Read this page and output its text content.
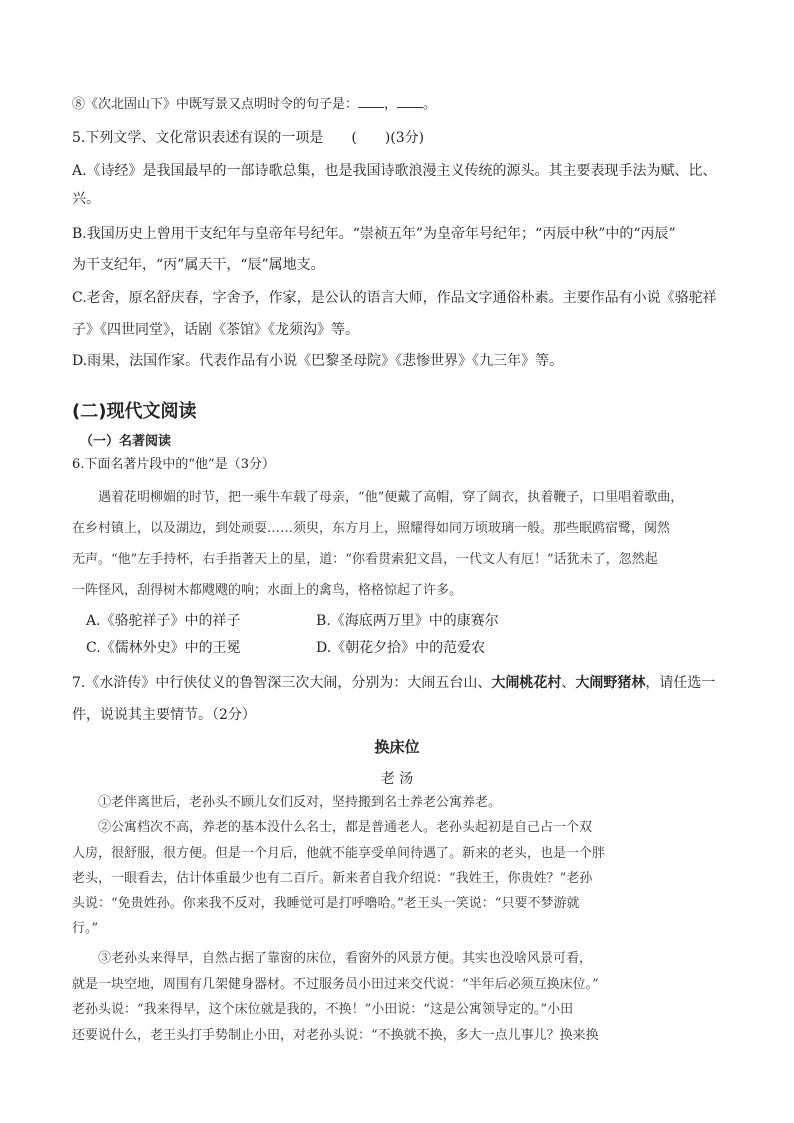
⑧《次北固山下》中既写景又点明时令的句子是： ， 。
5.下列文学、文化常识表述有误的一项是　　(　　)(3分)
A.《诗经》是我国最早的一部诗歌总集，也是我国诗歌浪漫主义传统的源头。其主要表现手法为赋、比、
兴。
B.我国历史上曾用干支纪年与皇帝年号纪年。“崇祯五年”为皇帝年号纪年；“丙辰中秋”中的“丙辰”
为干支纪年，“丙”属天干，“辰”属地支。
C.老舍，原名舒庆春，字舍予，作家，是公认的语言大师，作品文字通俗朴素。主要作品有小说《骆驼祥
子》《四世同堂》，话剧《茶馆》《龙须沟》等。
D.雨果，法国作家。代表作品有小说《巴黎圣母院》《悲惨世界》《九三年》等。
(二)现代文阅读
（一）名著阅读
6.下面名著片段中的“他”是（3分）
遇着花明柳媚的时节，把一乘牛车载了母亲，“他”便戴了高帽，穿了阔衣，执着鞭子，口里唱着歌曲，
在乡村镇上，以及湖边，到处顽耍……须臾，东方月上，照耀得如同万顷玻璃一般。那些眠鸥宿鹭，阒然
无声。“他”左手持杯，右手指著天上的星，道：“你看贯索犯文昌，一代文人有厄！”话犹未了，忽然起
一阵怪风，刮得树木都飕飕的响；水面上的禽鸟，格格惊起了许多。
A.《骆驼祥子》中的祥子	B.《海底两万里》中的康赛尔
C.《儒林外史》中的王冕	D.《朝花夕拾》中的范爱农
7.《水浒传》中行侠仗义的鲁智深三次大闹，分别为：大闹五台山、大闹桃花村、大闹野猪林，请任选一
件，说说其主要情节。（2分）
换床位
老 汤
①老伴离世后，老孙头不顾儿女们反对，坚持搬到名士养老公寓养老。
②公寓档次不高，养老的基本没什么名士，都是普通老人。老孙头起初是自己占一个双
人房，很舒服，很方便。但是一个月后，他就不能享受单间待遇了。新来的老头，也是一个胖
老头，一眼看去，估计体重最少也有二百斤。新来者自我介绍说：“我姓王，你贵姓？”老孙
头说：“免贵姓孙。你来我不反对，我睡觉可是打呼噜哈。”老王头一笑说：“只要不梦游就
行。”
③老孙头来得早，自然占据了靠窗的床位，看窗外的风景方便。其实也没啥风景可看，
就是一块空地，周围有几架健身器材。不过服务员小田过来交代说：“半年后必须互换床位。”
老孙头说：“我来得早，这个床位就是我的，不换！”小田说：“这是公寓领导定的。”小田
还要说什么，老王头打手势制止小田，对老孙头说：“不换就不换，多大一点儿事儿？换来换
